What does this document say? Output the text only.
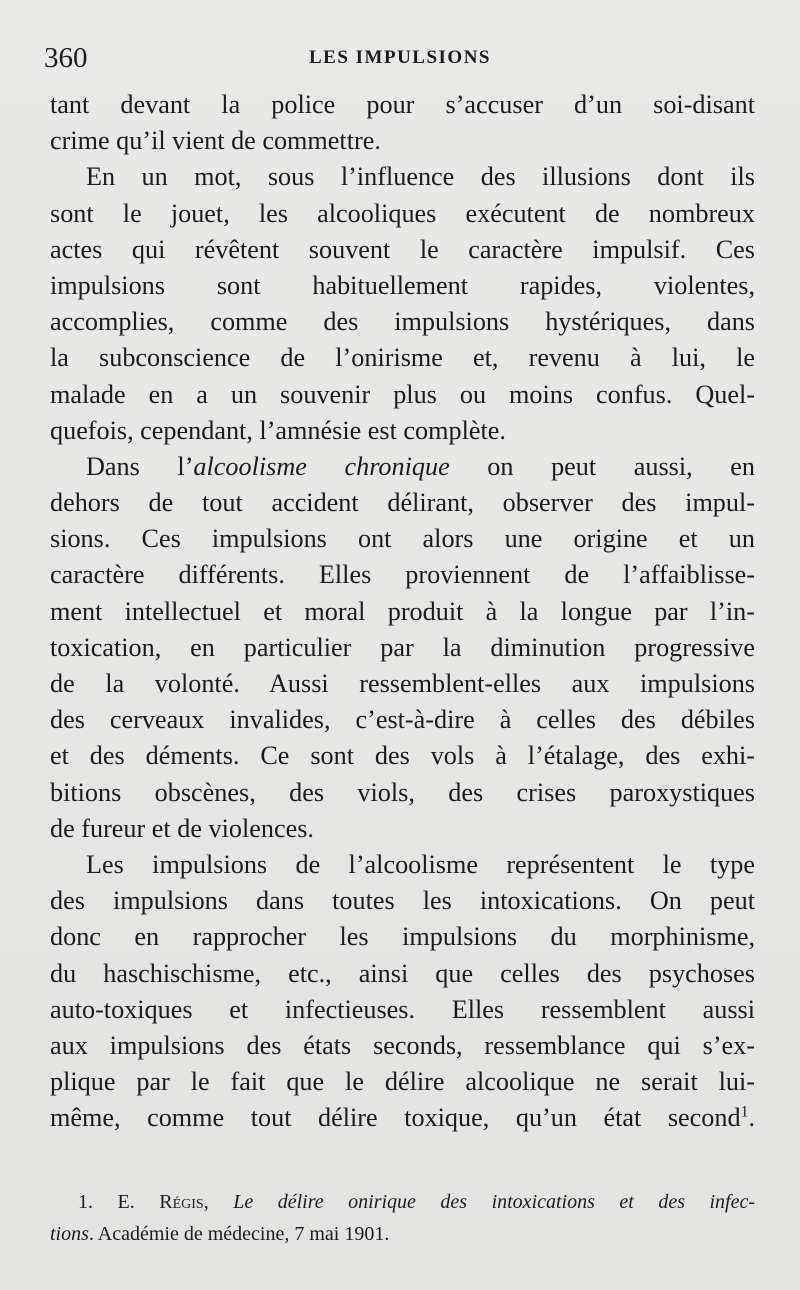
360	LES IMPULSIONS
tant devant la police pour s’accuser d’un soi-disant
crime qu’il vient de commettre.
En un mot, sous l’influence des illusions dont ils
sont le jouet, les alcooliques exécutent de nombreux
actes qui révêtent souvent le caractère impulsif. Ces
impulsions sont habituellement rapides, violentes,
accomplies, comme des impulsions hystériques, dans
la subconscience de l’onirisme et, revenu à lui, le
malade en a un souvenir plus ou moins confus. Quel-
quefois, cependant, l’amnésie est complète.
Dans l’alcoolisme chronique on peut aussi, en
dehors de tout accident délirant, observer des impul-
sions. Ces impulsions ont alors une origine et un
caractère différents. Elles proviennent de l’affaiblisse-
ment intellectuel et moral produit à la longue par l’in-
toxication, en particulier par la diminution progressive
de la volonté. Aussi ressemblent-elles aux impulsions
des cerveaux invalides, c’est-à-dire à celles des débiles
et des déments. Ce sont des vols à l’étalage, des exhi-
bitions obscènes, des viols, des crises paroxystiques
de fureur et de violences.
Les impulsions de l’alcoolisme représentent le type
des impulsions dans toutes les intoxications. On peut
donc en rapprocher les impulsions du morphinisme,
du haschischisme, etc., ainsi que celles des psychoses
auto-toxiques et infectieuses. Elles ressemblent aussi
aux impulsions des états seconds, ressemblance qui s’ex-
plique par le fait que le délire alcoolique ne serait lui-
même, comme tout délire toxique, qu’un état second$^1$.
1. E. Régis, Le délire onirique des intoxications et des infec-
tions. Académie de médecine, 7 mai 1901.
